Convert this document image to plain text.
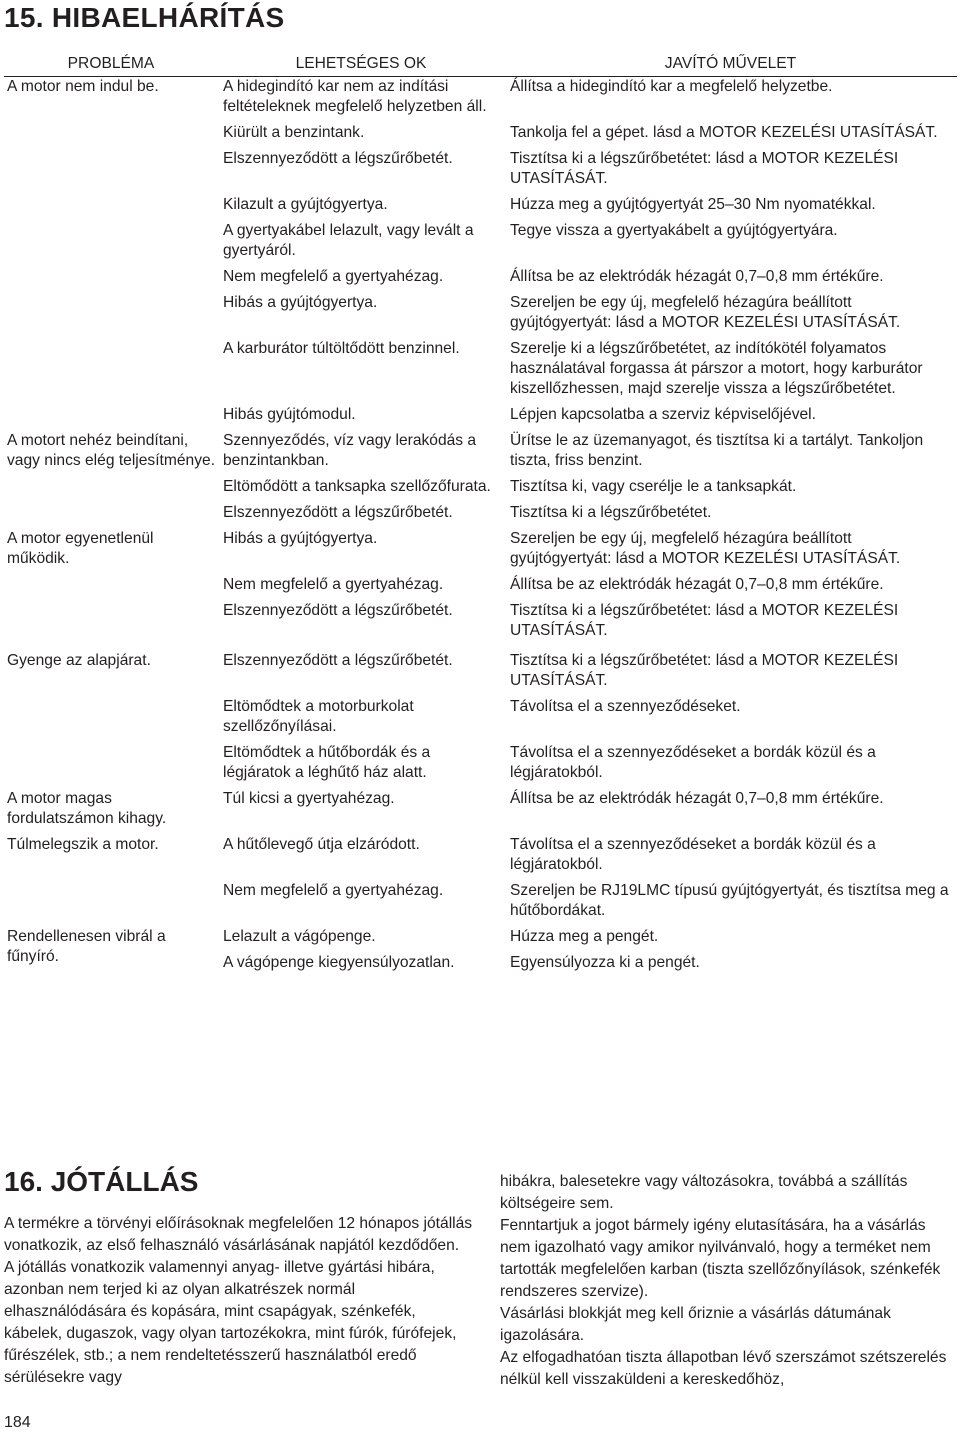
15. HIBAELHÁRÍTÁS
PROBLÉMA	LEHETSÉGES OK	JAVÍTÓ MŰVELET
A motor nem indul be.	A hidegindító kar nem az indítási feltételeknek megfelelő helyzetben áll.	Állítsa a hidegindító kar a megfelelő helyzetbe.
	Kiürült a benzintank.	Tankolja fel a gépet. lásd a MOTOR KEZELÉSI UTASÍTÁSÁT.
	Elszennyeződött a légszűrőbetét.	Tisztítsa ki a légszűrőbetétet: lásd a MOTOR KEZELÉSI UTASÍTÁSÁT.
	Kilazult a gyújtógyertya.	Húzza meg a gyújtógyertyát 25–30 Nm nyomatékkal.
	A gyertyakábel lelazult, vagy levált a gyertyáról.	Tegye vissza a gyertyakábelt a gyújtógyertyára.
	Nem megfelelő a gyertyahézag.	Állítsa be az elektródák hézagát 0,7–0,8 mm értékűre.
	Hibás a gyújtógyertya.	Szereljen be egy új, megfelelő hézagúra beállított gyújtógyertyát: lásd a MOTOR KEZELÉSI UTASÍTÁSÁT.
	A karburátor túltöltődött benzinnel.	Szerelje ki a légszűrőbetétet, az indítókötél folyamatos használatával forgassa át párszor a motort, hogy karburátor kiszellőzhessen, majd szerelje vissza a légszűrőbetétet.
	Hibás gyújtómodul.	Lépjen kapcsolatba a szerviz képviselőjével.
A motort nehéz beindítani, vagy nincs elég teljesítménye.	Szennyeződés, víz vagy lerakódás a benzintankban.	Ürítse le az üzemanyagot, és tisztítsa ki a tartályt. Tankoljon tiszta, friss benzint.
	Eltömődött a tanksapka szellőzőfurata.	Tisztítsa ki, vagy cserélje le a tanksapkát.
	Elszennyeződött a légszűrőbetét.	Tisztítsa ki a légszűrőbetétet.
A motor egyenetlenül működik.	Hibás a gyújtógyertya.	Szereljen be egy új, megfelelő hézagúra beállított gyújtógyertyát: lásd a MOTOR KEZELÉSI UTASÍTÁSÁT.
	Nem megfelelő a gyertyahézag.	Állítsa be az elektródák hézagát 0,7–0,8 mm értékűre.
	Elszennyeződött a légszűrőbetét.	Tisztítsa ki a légszűrőbetétet: lásd a MOTOR KEZELÉSI UTASÍTÁSÁT.
Gyenge az alapjárat.	Elszennyeződött a légszűrőbetét.	Tisztítsa ki a légszűrőbetétet: lásd a MOTOR KEZELÉSI UTASÍTÁSÁT.
	Eltömődtek a motorburkolat szellőzőnyílásai.	Távolítsa el a szennyeződéseket.
	Eltömődtek a hűtőbordák és a légjáratok a léghűtő ház alatt.	Távolítsa el a szennyeződéseket a bordák közül és a légjáratokból.
A motor magas fordulatszámon kihagy.	Túl kicsi a gyertyahézag.	Állítsa be az elektródák hézagát 0,7–0,8 mm értékűre.
Túlmelegszik a motor.	A hűtőlevegő útja elzáródott.	Távolítsa el a szennyeződéseket a bordák közül és a légjáratokból.
	Nem megfelelő a gyertyahézag.	Szereljen be RJ19LMC típusú gyújtógyertyát, és tisztítsa meg a hűtőbordákat.
Rendellenesen vibrál a fűnyíró.	Lelazult a vágópenge.	Húzza meg a pengét.
	A vágópenge kiegyensúlyozatlan.	Egyensúlyozza ki a pengét.
16. JÓTÁLLÁS

A termékre a törvényi előírásoknak megfelelően 12 hónapos jótállás vonatkozik, az első felhasználó vásárlásának napjától kezdődően.

A jótállás vonatkozik valamennyi anyag- illetve gyártási hibára, azonban nem terjed ki az olyan alkatrészek normál elhasználódására és kopására, mint csapágyak, szénkefék, kábelek, dugaszok, vagy olyan tartozékokra, mint fúrók, fúrófejek, fűrészélek, stb.; a nem rendeltetésszerű használatból eredő sérülésekre vagy

hibákra, balesetekre vagy változásokra, továbbá a szállítás költségeire sem.

Fenntartjuk a jogot bármely igény elutasítására, ha a vásárlás nem igazolható vagy amikor nyilvánvaló, hogy a terméket nem tartották megfelelően karban (tiszta szellőzőnyílások, szénkefék rendszeres szervize).

Vásárlási blokkját meg kell őriznie a vásárlás dátumának igazolására.

Az elfogadhatóan tiszta állapotban lévő szerszámot szétszerelés nélkül kell visszaküldeni a kereskedőhöz,

184
